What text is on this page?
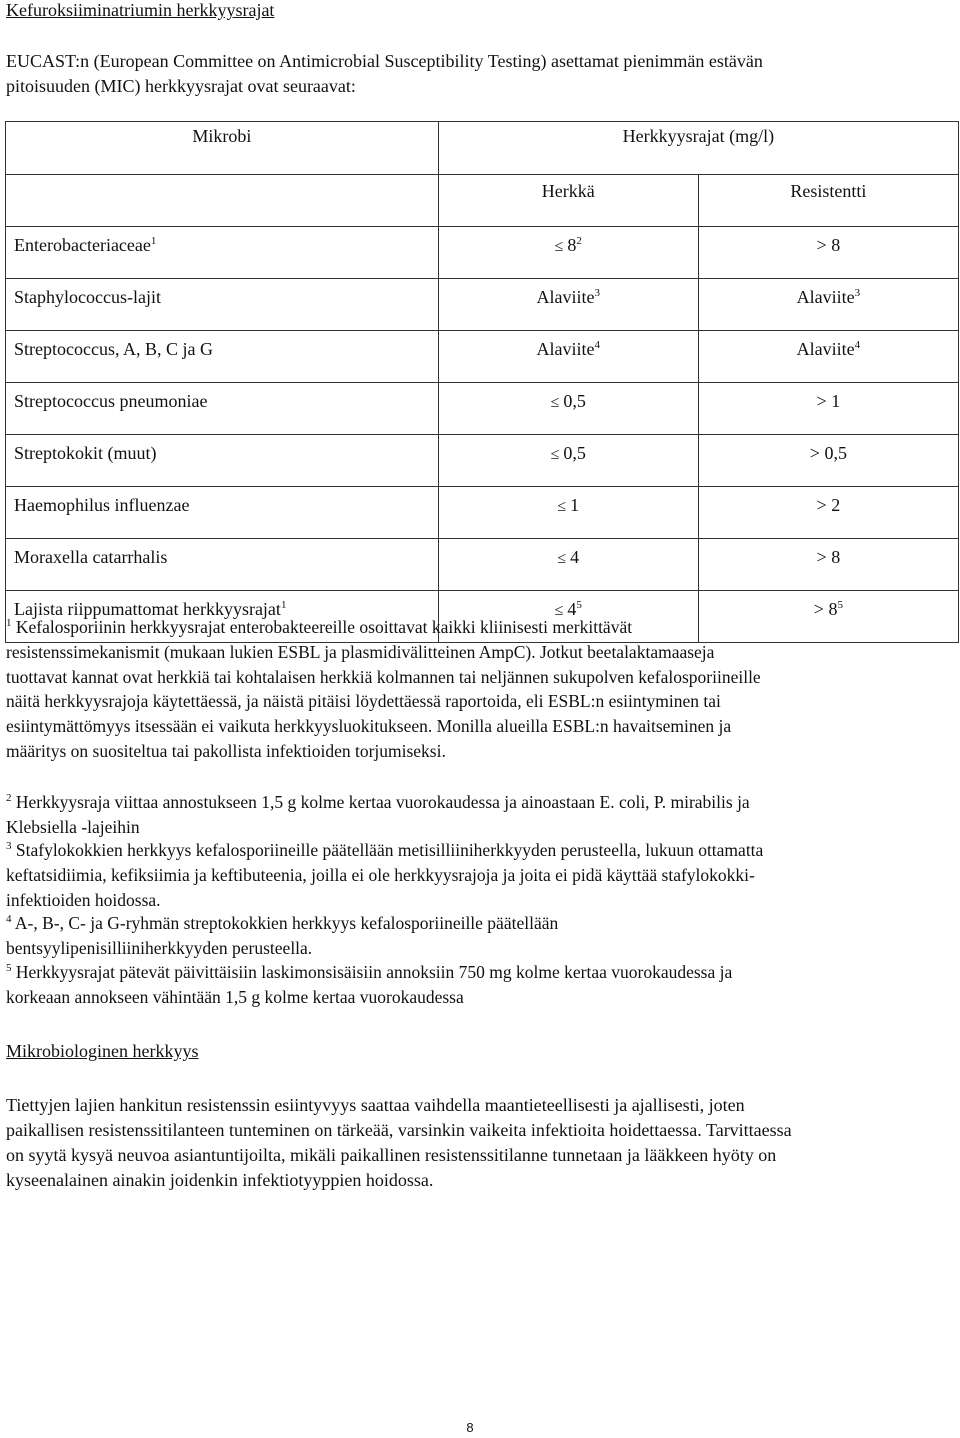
Kefuroksiiminatriumin herkkyysrajat
EUCAST:n (European Committee on Antimicrobial Susceptibility Testing) asettamat pienimmän estävän
pitoisuuden (MIC) herkkyysrajat ovat seuraavat:
Mikrobi	Herkkyysrajat (mg/l)	

	Herkkä	Resistentti

Enterobacteriaceae$^1$	≤ $8^2$	> 8

Staphylococcus-lajit	Alaviite$^3$	Alaviite$^3$

Streptococcus, A, B, C ja G	Alaviite$^4$	Alaviite$^4$

Streptococcus pneumoniae	≤ 0,5	> 1

Streptokokit (muut)	≤ 0,5	> 0,5

Haemophilus influenzae	≤ 1	> 2

Moraxella catarrhalis	≤ 4	> 8

Lajista riippumattomat herkkyysrajat$^1$	≤ $4^5$	> $8^5$
$^1$ Kefalosporiinin herkkyysrajat enterobakteereille osoittavat kaikki kliinisesti merkittävät
resistenssimekanismit (mukaan lukien ESBL ja plasmidivälitteinen AmpC). Jotkut beetalaktamaaseja
tuottavat kannat ovat herkkiä tai kohtalaisen herkkiä kolmannen tai neljännen sukupolven kefalosporiineille
näitä herkkyysrajoja käytettäessä, ja näistä pitäisi löydettäessä raportoida, eli ESBL:n esiintyminen tai
esiintymättömyys itsessään ei vaikuta herkkyysluokitukseen. Monilla alueilla ESBL:n havaitseminen ja
määritys on suositeltua tai pakollista infektioiden torjumiseksi.
$^2$ Herkkyysraja viittaa annostukseen 1,5 g kolme kertaa vuorokaudessa ja ainoastaan E. coli, P. mirabilis ja
Klebsiella -lajeihin
$^3$ Stafylokokkien herkkyys kefalosporiineille päätellään metisilliiniherkkyyden perusteella, lukuun ottamatta
keftatsidiimia, kefiksiimia ja keftibuteenia, joilla ei ole herkkyysrajoja ja joita ei pidä käyttää stafylokokki-
infektioiden hoidossa.
$^4$ A-, B-, C- ja G-ryhmän streptokokkien herkkyys kefalosporiineille päätellään
bentsyylipenisilliiniherkkyyden perusteella.
$^5$ Herkkyysrajat pätevät päivittäisiin laskimonsisäisiin annoksiin 750 mg kolme kertaa vuorokaudessa ja
korkeaan annokseen vähintään 1,5 g kolme kertaa vuorokaudessa
Mikrobiologinen herkkyys
Tiettyjen lajien hankitun resistenssin esiintyvyys saattaa vaihdella maantieteellisesti ja ajallisesti, joten
paikallisen resistenssitilanteen tunteminen on tärkeää, varsinkin vaikeita infektioita hoidettaessa. Tarvittaessa
on syytä kysyä neuvoa asiantuntijoilta, mikäli paikallinen resistenssitilanne tunnetaan ja lääkkeen hyöty on
kyseenalainen ainakin joidenkin infektiotyyppien hoidossa.
8
